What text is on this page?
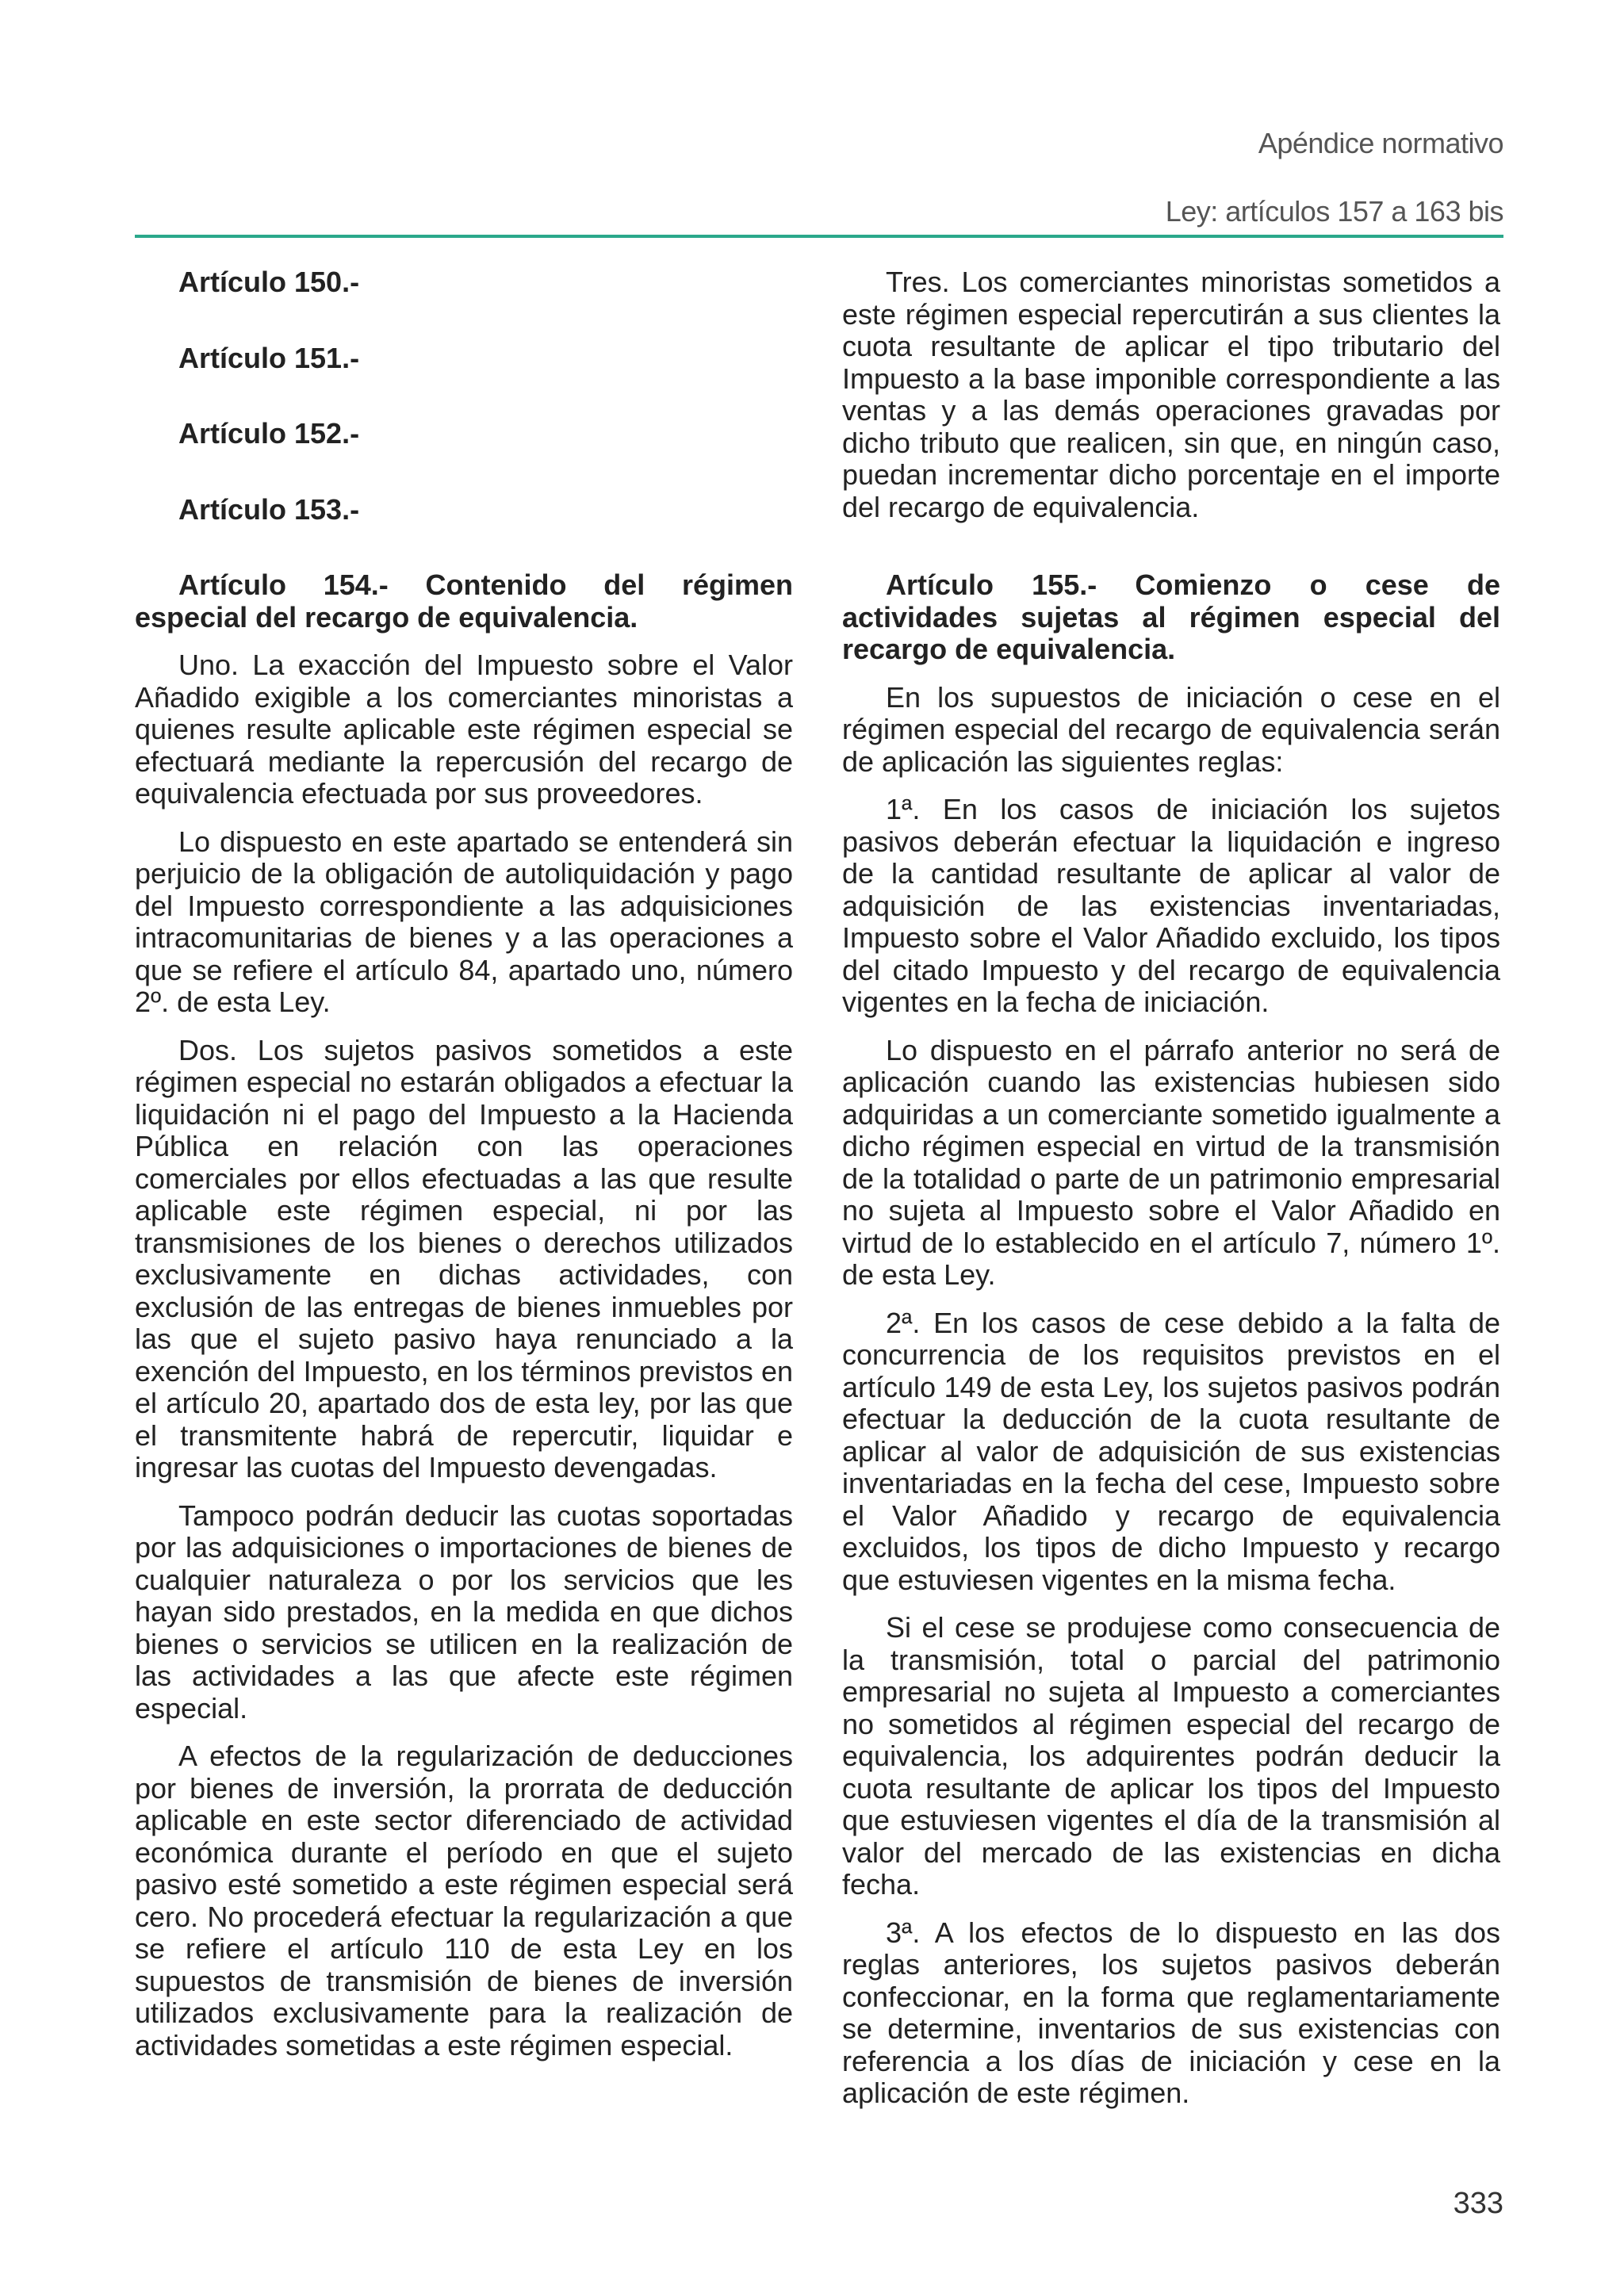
Apéndice normativo
Ley: artículos 157 a 163 bis

Artículo 150.-

Artículo 151.-

Artículo 152.-

Artículo 153.-

Artículo 154.- Contenido del régimen especial del recargo de equivalencia.

Uno. La exacción del Impuesto sobre el Valor Añadido exigible a los comerciantes minoristas a quienes resulte aplicable este régimen especial se efectuará mediante la repercusión del recargo de equivalencia efectuada por sus proveedores.

Lo dispuesto en este apartado se entenderá sin perjuicio de la obligación de autoliquidación y pago del Impuesto correspondiente a las adquisiciones intracomunitarias de bienes y a las operaciones a que se refiere el artículo 84, apartado uno, número 2º. de esta Ley.

Dos. Los sujetos pasivos sometidos a este régimen especial no estarán obligados a efectuar la liquidación ni el pago del Impuesto a la Hacienda Pública en relación con las operaciones comerciales por ellos efectuadas a las que resulte aplicable este régimen especial, ni por las transmisiones de los bienes o derechos utilizados exclusivamente en dichas actividades, con exclusión de las entregas de bienes inmuebles por las que el sujeto pasivo haya renunciado a la exención del Impuesto, en los términos previstos en el artículo 20, apartado dos de esta ley, por las que el transmitente habrá de repercutir, liquidar e ingresar las cuotas del Impuesto devengadas.

Tampoco podrán deducir las cuotas soportadas por las adquisiciones o importaciones de bienes de cualquier naturaleza o por los servicios que les hayan sido prestados, en la medida en que dichos bienes o servicios se utilicen en la realización de las actividades a las que afecte este régimen especial.

A efectos de la regularización de deducciones por bienes de inversión, la prorrata de deducción aplicable en este sector diferenciado de actividad económica durante el período en que el sujeto pasivo esté sometido a este régimen especial será cero. No procederá efectuar la regularización a que se refiere el artículo 110 de esta Ley en los supuestos de transmisión de bienes de inversión utilizados exclusivamente para la realización de actividades sometidas a este régimen especial.

Tres. Los comerciantes minoristas sometidos a este régimen especial repercutirán a sus clientes la cuota resultante de aplicar el tipo tributario del Impuesto a la base imponible correspondiente a las ventas y a las demás operaciones gravadas por dicho tributo que realicen, sin que, en ningún caso, puedan incrementar dicho porcentaje en el importe del recargo de equivalencia.

Artículo 155.- Comienzo o cese de actividades sujetas al régimen especial del recargo de equivalencia.

En los supuestos de iniciación o cese en el régimen especial del recargo de equivalencia serán de aplicación las siguientes reglas:

1ª. En los casos de iniciación los sujetos pasivos deberán efectuar la liquidación e ingreso de la cantidad resultante de aplicar al valor de adquisición de las existencias inventariadas, Impuesto sobre el Valor Añadido excluido, los tipos del citado Impuesto y del recargo de equivalencia vigentes en la fecha de iniciación.

Lo dispuesto en el párrafo anterior no será de aplicación cuando las existencias hubiesen sido adquiridas a un comerciante sometido igualmente a dicho régimen especial en virtud de la transmisión de la totalidad o parte de un patrimonio empresarial no sujeta al Impuesto sobre el Valor Añadido en virtud de lo establecido en el artículo 7, número 1º. de esta Ley.

2ª. En los casos de cese debido a la falta de concurrencia de los requisitos previstos en el artículo 149 de esta Ley, los sujetos pasivos podrán efectuar la deducción de la cuota resultante de aplicar al valor de adquisición de sus existencias inventariadas en la fecha del cese, Impuesto sobre el Valor Añadido y recargo de equivalencia excluidos, los tipos de dicho Impuesto y recargo que estuviesen vigentes en la misma fecha.

Si el cese se produjese como consecuencia de la transmisión, total o parcial del patrimonio empresarial no sujeta al Impuesto a comerciantes no sometidos al régimen especial del recargo de equivalencia, los adquirentes podrán deducir la cuota resultante de aplicar los tipos del Impuesto que estuviesen vigentes el día de la transmisión al valor del mercado de las existencias en dicha fecha.

3ª. A los efectos de lo dispuesto en las dos reglas anteriores, los sujetos pasivos deberán confeccionar, en la forma que reglamentariamente se determine, inventarios de sus existencias con referencia a los días de iniciación y cese en la aplicación de este régimen.

333
